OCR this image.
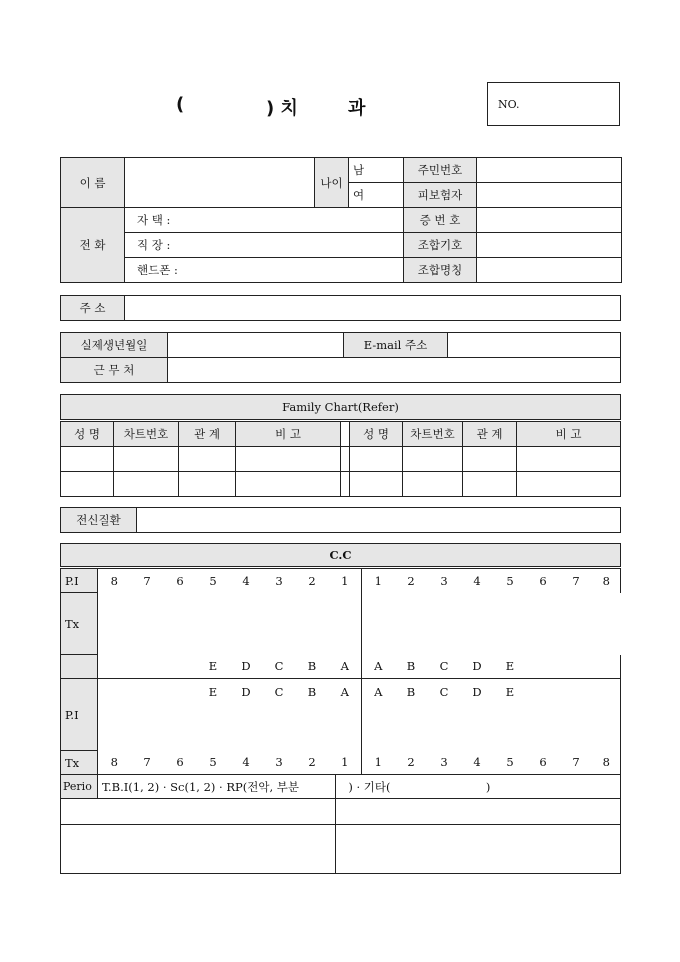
(	) 치	과	NO.
이 름		나이	남	주민번호	
			여	피보험자	
전 화	자 택 :			증 번 호	
	직 장 :			조합기호	
	핸드폰 :			조합명칭	
주 소	
실제생년월일		E-mail 주소	
근 무 처			
Family Chart(Refer)								
성 명	차트번호	관 계	비 고		성 명	차트번호	관 계	비 고

전신질환	
C.C																
P.I	8	7	6	5	4	3	2	1	1	2	3	4	5	6	7	8
Tx																
				E	D	C	B	A	A	B	C	D	E			
P.I				E	D	C	B	A	A	B	C	D	E			

Tx	8	7	6	5	4	3	2	1	1	2	3	4	5	6	7	8
Perio	T.B.I(1, 2) · Sc(1, 2) · RP(전악, 부분 ) · 기타( )															
